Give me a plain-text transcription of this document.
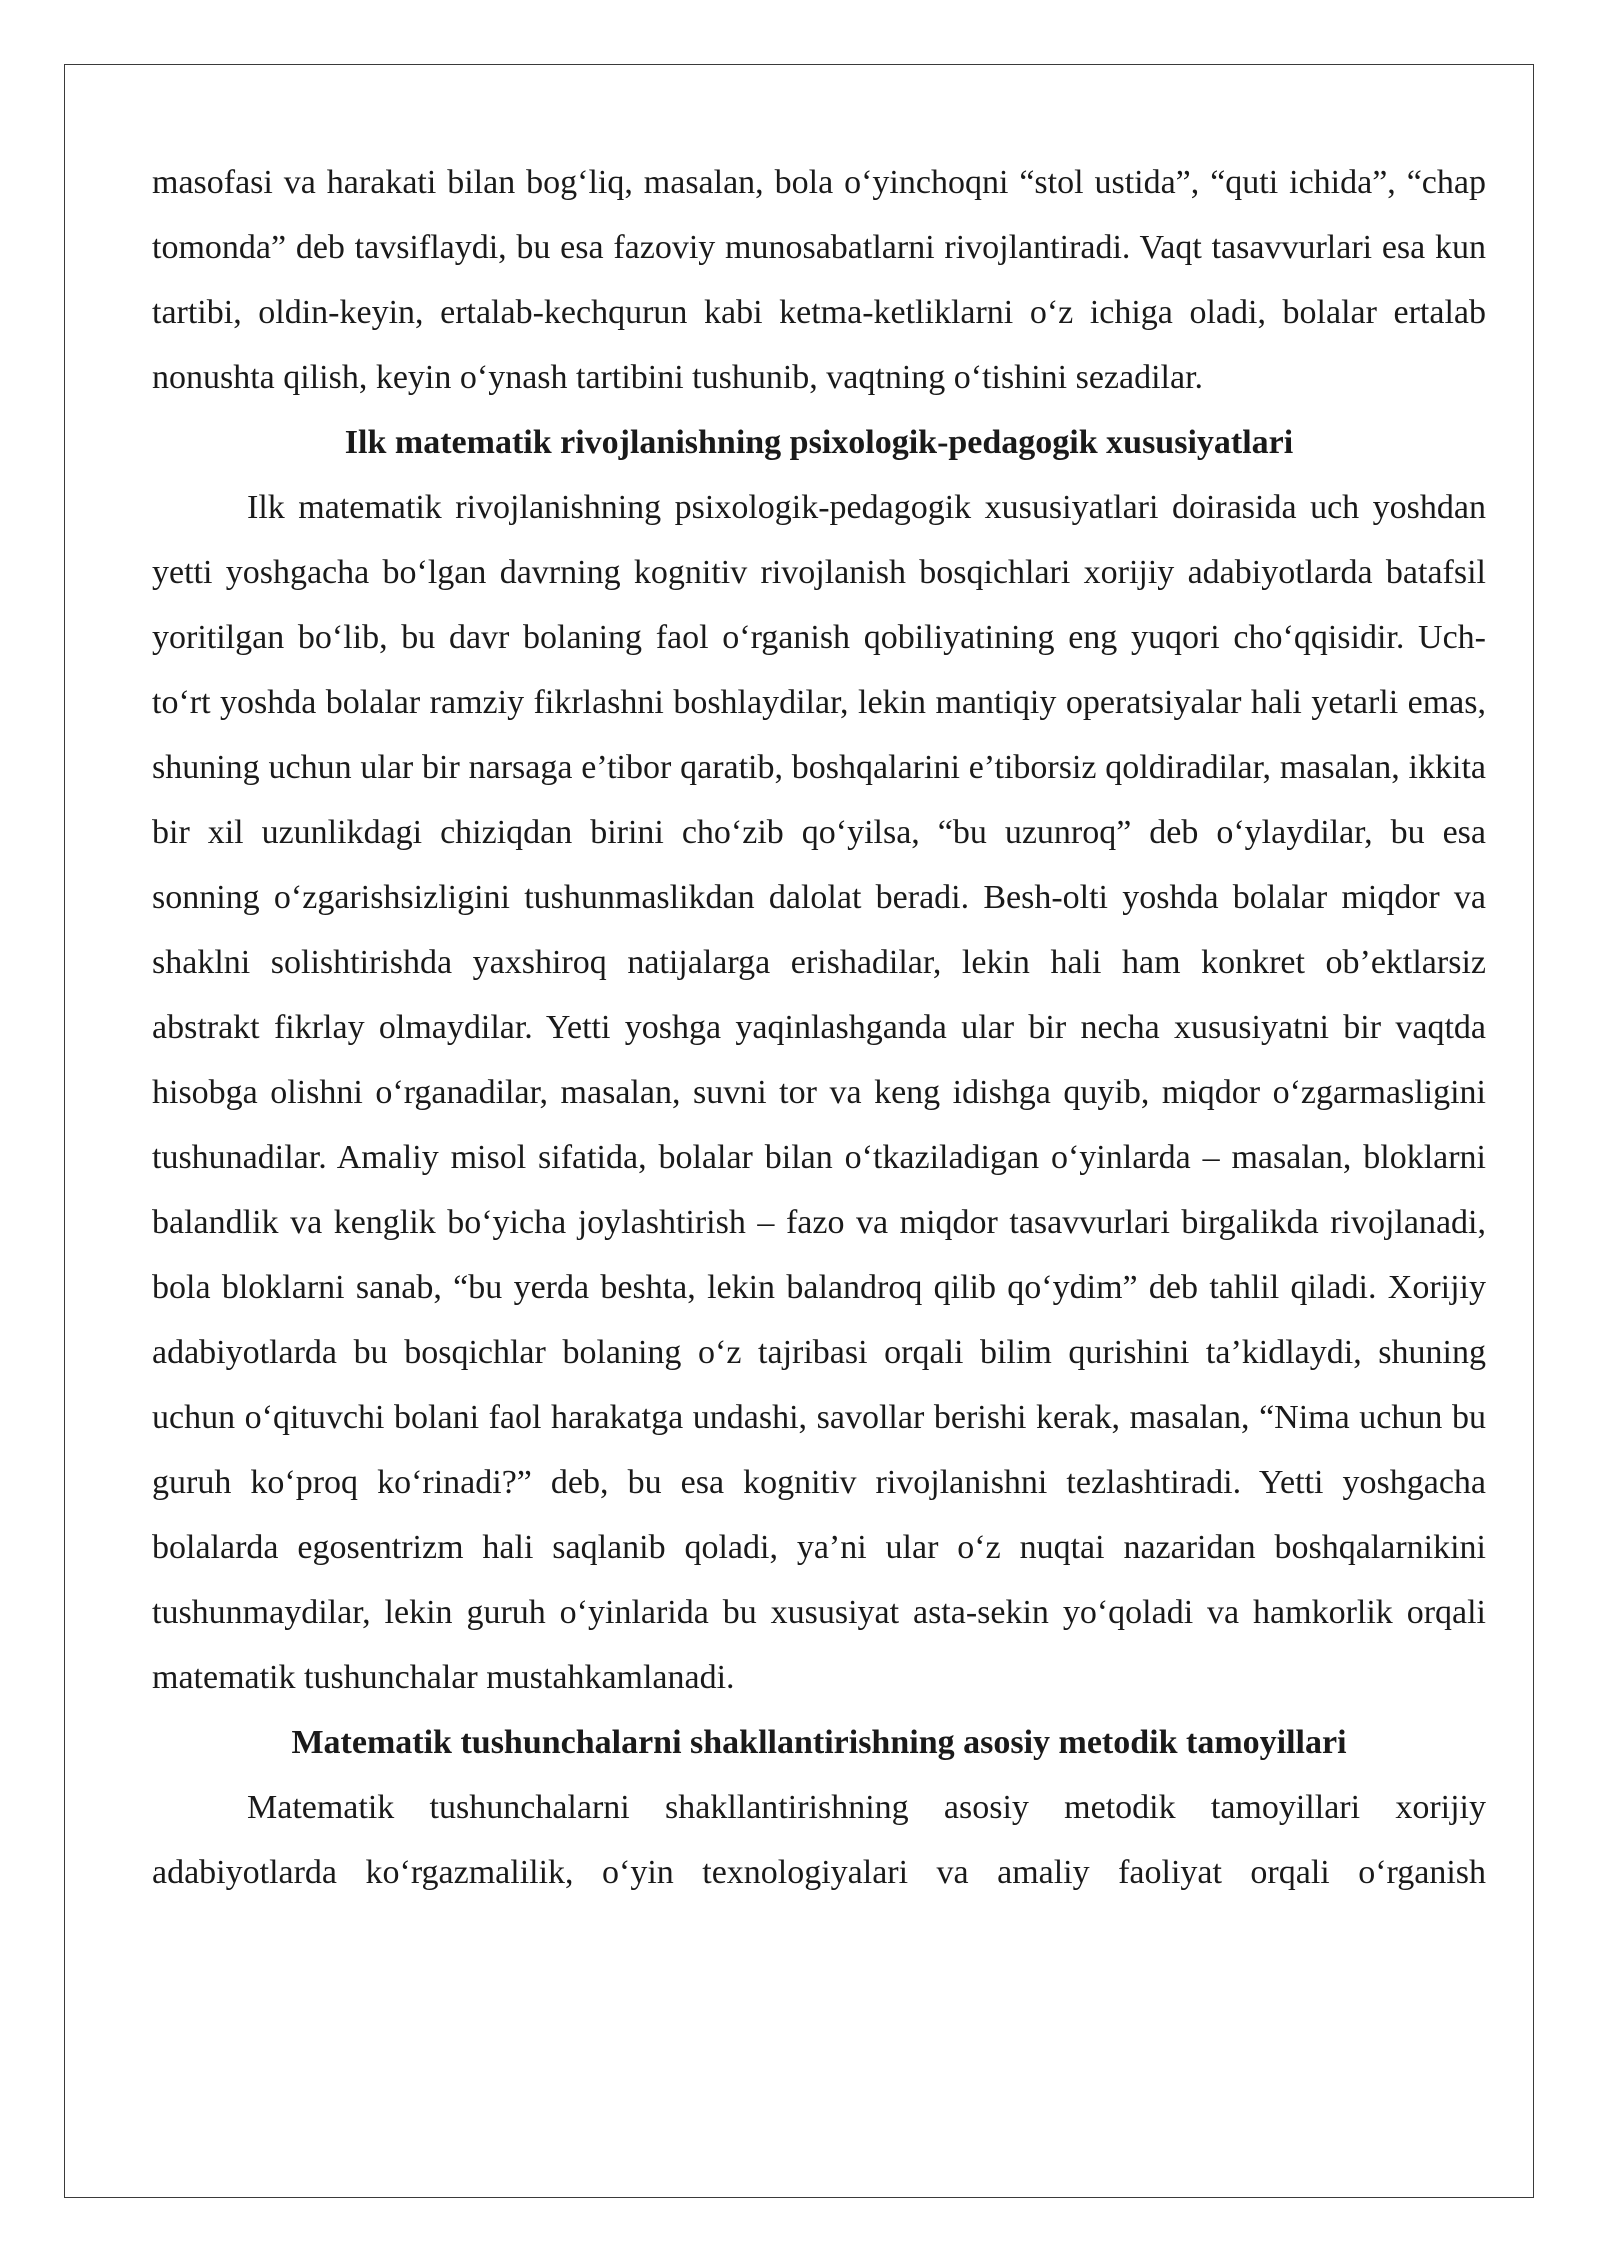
masofasi va harakati bilan bog‘liq, masalan, bola o‘yinchoqni “stol ustida”, “quti ichida”, “chap tomonda” deb tavsiflaydi, bu esa fazoviy munosabatlarni rivojlantiradi. Vaqt tasavvurlari esa kun tartibi, oldin-keyin, ertalab-kechqurun kabi ketma-ketliklarni o‘z ichiga oladi, bolalar ertalab nonushta qilish, keyin o‘ynash tartibini tushunib, vaqtning o‘tishini sezadilar.

Ilk matematik rivojlanishning psixologik-pedagogik xususiyatlari

Ilk matematik rivojlanishning psixologik-pedagogik xususiyatlari doirasida uch yoshdan yetti yoshgacha bo‘lgan davrning kognitiv rivojlanish bosqichlari xorijiy adabiyotlarda batafsil yoritilgan bo‘lib, bu davr bolaning faol o‘rganish qobiliyatining eng yuqori cho‘qqisidir. Uch-to‘rt yoshda bolalar ramziy fikrlashni boshlaydilar, lekin mantiqiy operatsiyalar hali yetarli emas, shuning uchun ular bir narsaga e’tibor qaratib, boshqalarini e’tiborsiz qoldiradilar, masalan, ikkita bir xil uzunlikdagi chiziqdan birini cho‘zib qo‘yilsa, “bu uzunroq” deb o‘ylaydilar, bu esa sonning o‘zgarishsizligini tushunmaslikdan dalolat beradi. Besh-olti yoshda bolalar miqdor va shaklni solishtirishda yaxshiroq natijalarga erishadilar, lekin hali ham konkret ob’ektlarsiz abstrakt fikrlay olmaydilar. Yetti yoshga yaqinlashganda ular bir necha xususiyatni bir vaqtda hisobga olishni o‘rganadilar, masalan, suvni tor va keng idishga quyib, miqdor o‘zgarmasligini tushunadilar. Amaliy misol sifatida, bolalar bilan o‘tkaziladigan o‘yinlarda – masalan, bloklarni balandlik va kenglik bo‘yicha joylashtirish – fazo va miqdor tasavvurlari birgalikda rivojlanadi, bola bloklarni sanab, “bu yerda beshta, lekin balandroq qilib qo‘ydim” deb tahlil qiladi. Xorijiy adabiyotlarda bu bosqichlar bolaning o‘z tajribasi orqali bilim qurishini ta’kidlaydi, shuning uchun o‘qituvchi bolani faol harakatga undashi, savollar berishi kerak, masalan, “Nima uchun bu guruh ko‘proq ko‘rinadi?” deb, bu esa kognitiv rivojlanishni tezlashtiradi. Yetti yoshgacha bolalarda egosentrizm hali saqlanib qoladi, ya’ni ular o‘z nuqtai nazaridan boshqalarnikini tushunmaydilar, lekin guruh o‘yinlarida bu xususiyat asta-sekin yo‘qoladi va hamkorlik orqali matematik tushunchalar mustahkamlanadi.

Matematik tushunchalarni shakllantirishning asosiy metodik tamoyillari

Matematik tushunchalarni shakllantirishning asosiy metodik tamoyillari xorijiy adabiyotlarda ko‘rgazmalilik, o‘yin texnologiyalari va amaliy faoliyat orqali o‘rganish
